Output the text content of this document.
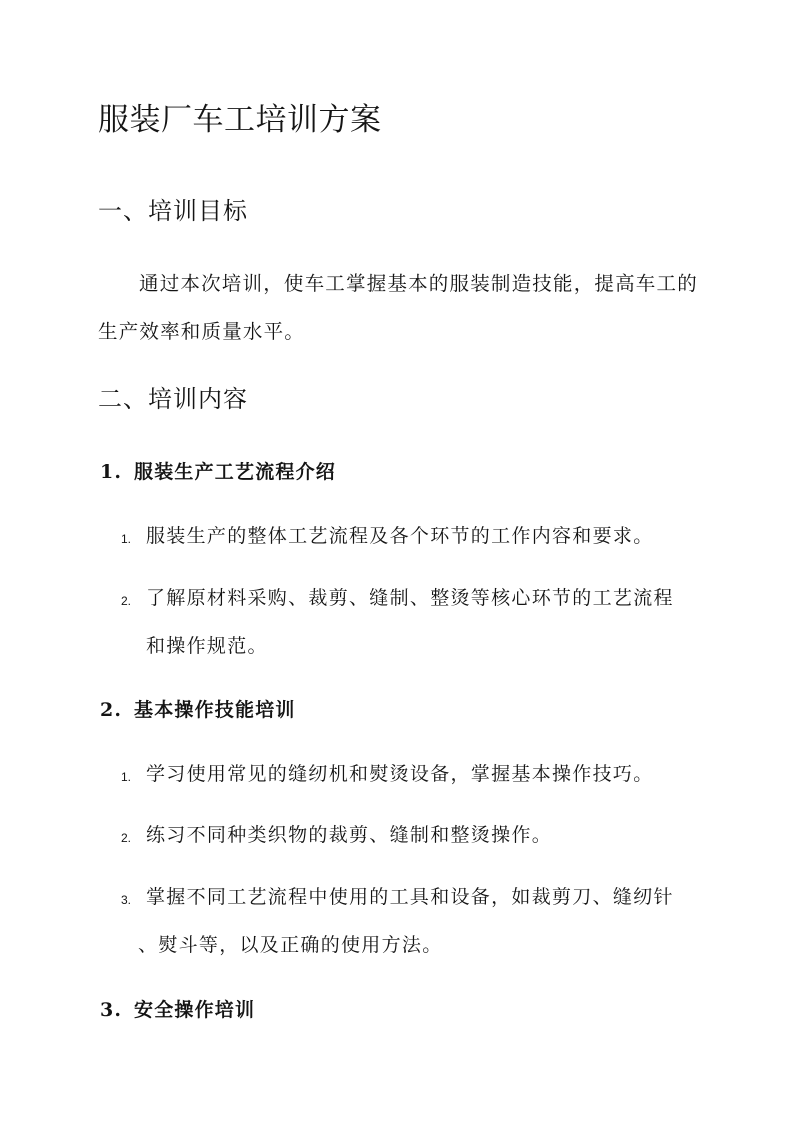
服装厂车工培训方案
一、培训目标
通过本次培训，使车工掌握基本的服装制造技能，提高车工的
生产效率和质量水平。
二、培训内容
1. 服装生产工艺流程介绍
1. 服装生产的整体工艺流程及各个环节的工作内容和要求。
2. 了解原材料采购、裁剪、缝制、整烫等核心环节的工艺流程
和操作规范。
2. 基本操作技能培训
1. 学习使用常见的缝纫机和熨烫设备，掌握基本操作技巧。
2. 练习不同种类织物的裁剪、缝制和整烫操作。
3. 掌握不同工艺流程中使用的工具和设备，如裁剪刀、缝纫针
、熨斗等，以及正确的使用方法。
3. 安全操作培训
